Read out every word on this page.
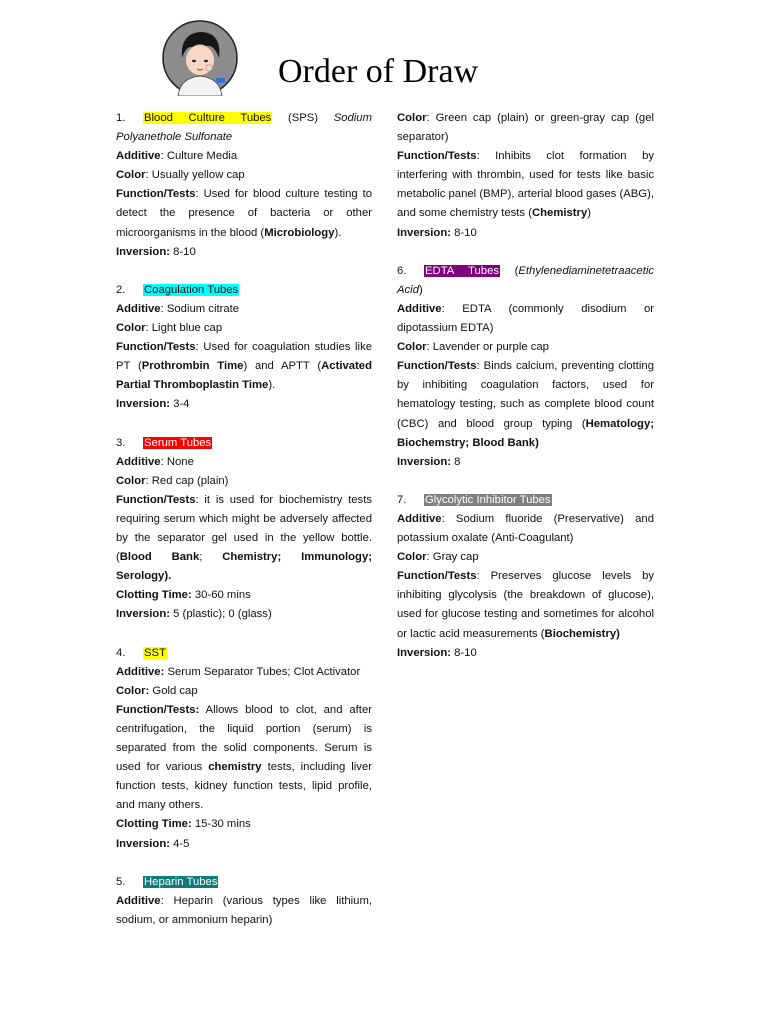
Order of Draw
1. Blood Culture Tubes (SPS) Sodium Polyanethole Sulfonate
Additive: Culture Media
Color: Usually yellow cap
Function/Tests: Used for blood culture testing to detect the presence of bacteria or other microorganisms in the blood (Microbiology).
Inversion: 8-10
2. Coagulation Tubes
Additive: Sodium citrate
Color: Light blue cap
Function/Tests: Used for coagulation studies like PT (Prothrombin Time) and APTT (Activated Partial Thromboplastin Time).
Inversion: 3-4
3. Serum Tubes
Additive: None
Color: Red cap (plain)
Function/Tests: it is used for biochemistry tests requiring serum which might be adversely affected by the separator gel used in the yellow bottle. (Blood Bank; Chemistry; Immunology; Serology).
Clotting Time: 30-60 mins
Inversion: 5 (plastic); 0 (glass)
4. SST
Additive: Serum Separator Tubes; Clot Activator
Color: Gold cap
Function/Tests: Allows blood to clot, and after centrifugation, the liquid portion (serum) is separated from the solid components. Serum is used for various chemistry tests, including liver function tests, kidney function tests, lipid profile, and many others.
Clotting Time: 15-30 mins
Inversion: 4-5
5. Heparin Tubes
Additive: Heparin (various types like lithium, sodium, or ammonium heparin)
Color: Green cap (plain) or green-gray cap (gel separator)
Function/Tests: Inhibits clot formation by interfering with thrombin, used for tests like basic metabolic panel (BMP), arterial blood gases (ABG), and some chemistry tests (Chemistry)
Inversion: 8-10
6. EDTA Tubes (Ethylenediaminetetraacetic Acid)
Additive: EDTA (commonly disodium or dipotassium EDTA)
Color: Lavender or purple cap
Function/Tests: Binds calcium, preventing clotting by inhibiting coagulation factors, used for hematology testing, such as complete blood count (CBC) and blood group typing (Hematology; Biochemstry; Blood Bank)
Inversion: 8
7. Glycolytic Inhibitor Tubes
Additive: Sodium fluoride (Preservative) and potassium oxalate (Anti-Coagulant)
Color: Gray cap
Function/Tests: Preserves glucose levels by inhibiting glycolysis (the breakdown of glucose), used for glucose testing and sometimes for alcohol or lactic acid measurements (Biochemistry)
Inversion: 8-10
